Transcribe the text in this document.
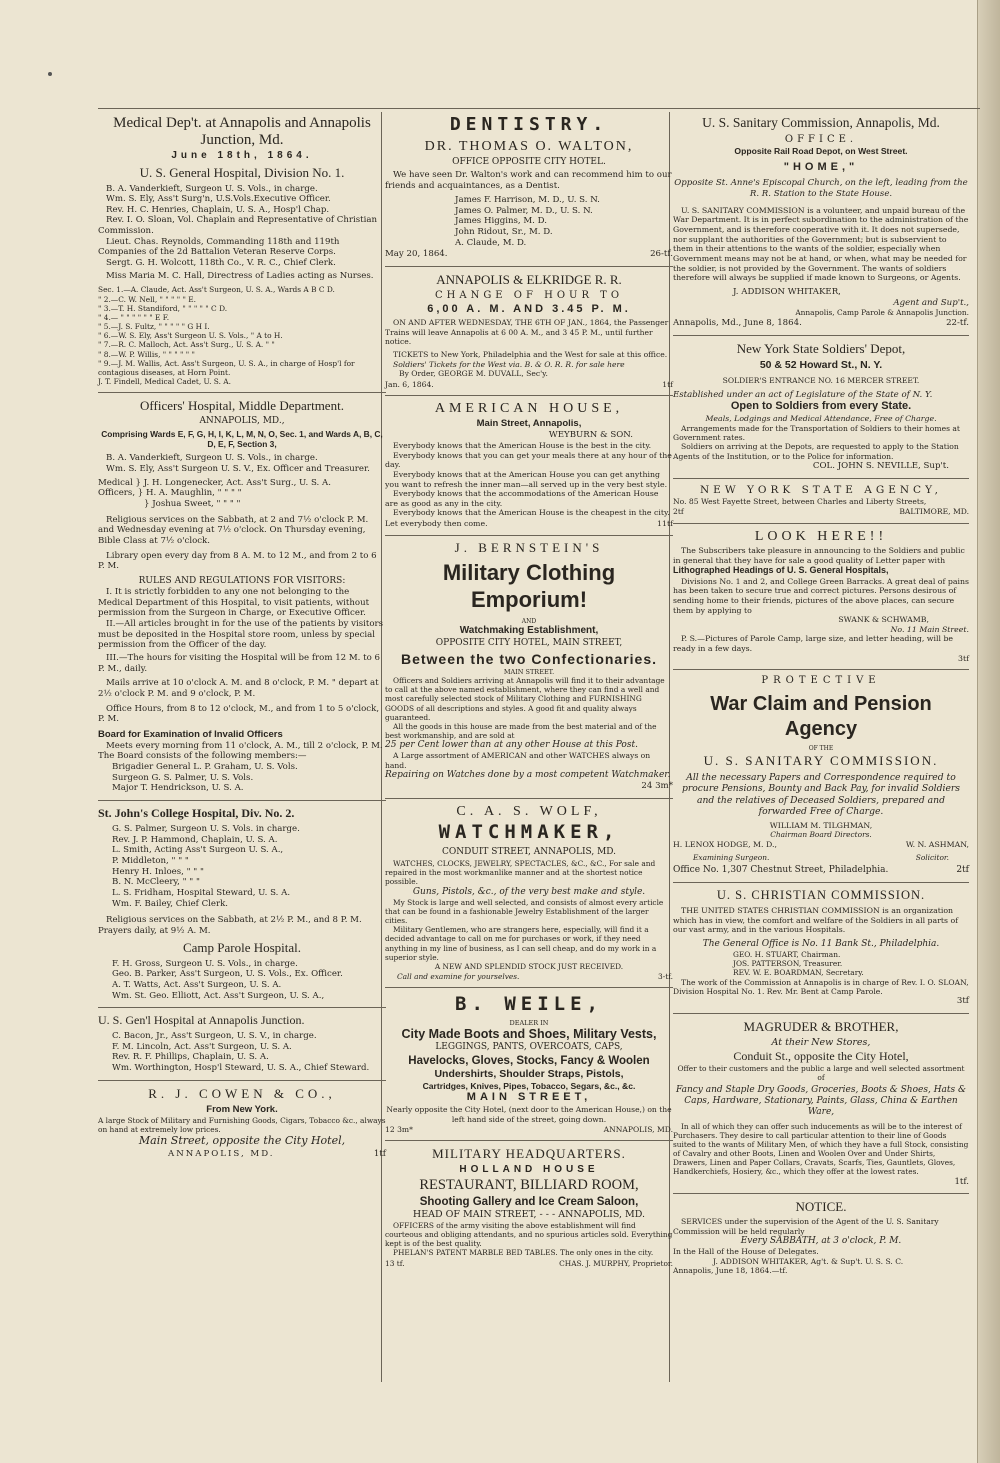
Medical Dep't. at Annapolis and Annapolis Junction, Md.
June 18th, 1864.
U. S. General Hospital, Division No. 1.

B. A. Vanderkieft, Surgeon U. S. Vols., in charge.

Wm. S. Ely, Ass't Surg'n, U.S.Vols.Executive Officer.

Rev. H. C. Henries, Chaplain, U. S. A., Hosp'l Chap.

Rev. I. O. Sloan, Vol. Chaplain and Representative of Christian Commission.

Lieut. Chas. Reynolds, Commanding 118th and 119th Companies of the 2d Battalion Veteran Reserve Corps.

Sergt. G. H. Wolcott, 118th Co., V. R. C., Chief Clerk.

Miss Maria M. C. Hall, Directress of Ladies acting as Nurses.

Sec. 1.—A. Claude, Act. Ass't Surgeon, U. S. A., Wards A B C D.
" 2.—C. W. Nell, " " " " " E.
" 3.—T. H. Standiford, " " " " " C D.
" 4.— " " " " " " E F.
" 5.—J. S. Fultz, " " " " " G H I.
" 6.—W. S. Ely, Ass't Surgeon U. S. Vols., " A to H.
" 7.—R. C. Malloch, Act. Ass't Surg., U. S. A. " "
" 8.—W. P. Willis, " " " " " "
" 9.—J. M. Wallis, Act. Ass't Surgeon, U. S. A., in charge of Hosp'l for contagious diseases, at Horn Point.
J. T. Findell, Medical Cadet, U. S. A.
Officers' Hospital, Middle Department.
ANNAPOLIS, MD.,
Comprising Wards E, F, G, H, I, K, L, M, N, O, Sec. 1, and Wards A, B, C, D, E, F, Section 3,

B. A. Vanderkieft, Surgeon U. S. Vols., in charge.

Wm. S. Ely, Ass't Surgeon U. S. V., Ex. Officer and Treasurer.

Medical } J. H. Longenecker, Act. Ass't Surg., U. S. A.
Officers, } H. A. Maughlin, " " " "
} Joshua Sweet, " " " "

Religious services on the Sabbath, at 2 and 7½ o'clock P. M. and Wednesday evening at 7½ o'clock. On Thursday evening, Bible Class at 7½ o'clock.

Library open every day from 8 A. M. to 12 M., and from 2 to 6 P. M.

RULES AND REGULATIONS FOR VISITORS:

I. It is strictly forbidden to any one not belonging to the Medical Department of this Hospital, to visit patients, without permission from the Surgeon in Charge, or Executive Officer.

II.—All articles brought in for the use of the patients by visitors must be deposited in the Hospital store room, unless by special permission from the Officer of the day.

III.—The hours for visiting the Hospital will be from 12 M. to 6 P. M., daily.

Mails arrive at 10 o'clock A. M. and 8 o'clock, P. M. " depart at 2½ o'clock P. M. and 9 o'clock, P. M.

Office Hours, from 8 to 12 o'clock, M., and from 1 to 5 o'clock, P. M.

Board for Examination of Invalid Officers

Meets every morning from 11 o'clock, A. M., till 2 o'clock, P. M. The Board consists of the following members:—

Brigadier General L. P. Graham, U. S. Vols.
Surgeon G. S. Palmer, U. S. Vols.
Major T. Hendrickson, U. S. A.
St. John's College Hospital, Div. No. 2.
G. S. Palmer, Surgeon U. S. Vols. in charge.
Rev. J. P. Hammond, Chaplain, U. S. A.
L. Smith, Acting Ass't Surgeon U. S. A.,
P. Middleton, " " "
Henry H. Inloes, " " "
B. N. McCleery, " " "
L. S. Fridham, Hospital Steward, U. S. A.
Wm. F. Bailey, Chief Clerk.

Religious services on the Sabbath, at 2½ P. M., and 8 P. M. Prayers daily, at 9½ A. M.

Camp Parole Hospital.
F. H. Gross, Surgeon U. S. Vols., in charge.
Geo. B. Parker, Ass't Surgeon, U. S. Vols., Ex. Officer.
A. T. Watts, Act. Ass't Surgeon, U. S. A.
Wm. St. Geo. Elliott, Act. Ass't Surgeon, U. S. A.,
U. S. Gen'l Hospital at Annapolis Junction.
C. Bacon, Jr., Ass't Surgeon, U. S. V., in charge.
F. M. Lincoln, Act. Ass't Surgeon, U. S. A.
Rev. R. F. Phillips, Chaplain, U. S. A.
Wm. Worthington, Hosp'l Steward, U. S. A., Chief Steward.
R. J. COWEN & CO.,
From New York.
A large Stock of Military and Furnishing Goods, Cigars, Tobacco &c., always on hand at extremely low prices.
Main Street, opposite the City Hotel,
ANNAPOLIS, MD.	1tf
DENTISTRY.
DR. THOMAS O. WALTON,
OFFICE OPPOSITE CITY HOTEL.

We have seen Dr. Walton's work and can recommend him to our friends and acquaintances, as a Dentist.

James F. Harrison, M. D., U. S. N.
James O. Palmer, M. D., U. S. N.
James Higgins, M. D.
John Ridout, Sr., M. D.
A. Claude, M. D.
May 20, 1864.	26-tf.
ANNAPOLIS & ELKRIDGE R. R.
CHANGE OF HOUR TO
6,00 A. M. AND 3.45 P. M.

ON AND AFTER WEDNESDAY, THE 6TH OF JAN., 1864, the Passenger Trains will leave Annapolis at 6 00 A. M., and 3 45 P. M., until further notice.

TICKETS to New York, Philadelphia and the West for sale at this office.

Soldiers' Tickets for the West via. B. & O. R. R. for sale here

By Order, GEORGE M. DUVALL, Sec'y.
Jan. 6, 1864.	1tf
AMERICAN HOUSE,
Main Street, Annapolis,
WEYBURN & SON.

Everybody knows that the American House is the best in the city.

Everybody knows that you can get your meals there at any hour of the day.

Everybody knows that at the American House you can get anything you want to refresh the inner man—all served up in the very best style.

Everybody knows that the accommodations of the American House are as good as any in the city.

Everybody knows that the American House is the cheapest in the city.

Let everybody then come.	11tf
J. BERNSTEIN'S
Military Clothing Emporium!
AND
Watchmaking Establishment,
OPPOSITE CITY HOTEL, MAIN STREET,
Between the two Confectionaries.
MAIN STREET.

Officers and Soldiers arriving at Annapolis will find it to their advantage to call at the above named establishment, where they can find a well and most carefully selected stock of Military Clothing and FURNISHING GOODS of all descriptions and styles. A good fit and quality always guaranteed.

All the goods in this house are made from the best material and of the best workmanship, and are sold at

25 per Cent lower than at any other House at this Post.

A Large assortment of AMERICAN and other WATCHES always on hand.

Repairing on Watches done by a most competent Watchmaker.
24 3m*
C. A. S. WOLF,
WATCHMAKER,
CONDUIT STREET, ANNAPOLIS, MD.

WATCHES, CLOCKS, JEWELRY, SPECTACLES, &C., &C., For sale and repaired in the most workmanlike manner and at the shortest notice possible.

Guns, Pistols, &c., of the very best make and style.

My Stock is large and well selected, and consists of almost every article that can be found in a fashionable Jewelry Establishment of the larger cities.

Military Gentlemen, who are strangers here, especially, will find it a decided advantage to call on me for purchases or work, if they need anything in my line of business, as I can sell cheap, and do my work in a superior style.

A NEW AND SPLENDID STOCK JUST RECEIVED.
Call and examine for yourselves.	3-tf.
B. WEILE,
DEALER IN
City Made Boots and Shoes, Military Vests,
LEGGINGS, PANTS, OVERCOATS, CAPS,
Havelocks, Gloves, Stocks, Fancy & Woolen
Undershirts, Shoulder Straps, Pistols,
Cartridges, Knives, Pipes, Tobacco, Segars, &c., &c.
MAIN STREET,
Nearly opposite the City Hotel, (next door to the American House,) on the left hand side of the street, going down.
12 3m*	ANNAPOLIS, MD.
MILITARY HEADQUARTERS.
HOLLAND HOUSE
RESTAURANT, BILLIARD ROOM,
Shooting Gallery and Ice Cream Saloon,
HEAD OF MAIN STREET, - - - ANNAPOLIS, MD.

OFFICERS of the army visiting the above establishment will find courteous and obliging attendants, and no spurious articles sold. Everything kept is of the best quality.

PHELAN'S PATENT MARBLE BED TABLES. The only ones in the city.

13 tf.	CHAS. J. MURPHY, Proprietor.
U. S. Sanitary Commission, Annapolis, Md.
OFFICE.
Opposite Rail Road Depot, on West Street.
"HOME,"
Opposite St. Anne's Episcopal Church, on the left, leading from the R. R. Station to the State House.

U. S. SANITARY COMMISSION is a volunteer, and unpaid bureau of the War Department. It is in perfect subordination to the administration of the Government, and is therefore cooperative with it. It does not supersede, nor supplant the authorities of the Government; but is subservient to them in their attentions to the wants of the soldier, especially when Government means may not be at hand, or when, what may be needed for the soldier, is not provided by the Government. The wants of soldiers therefore will always be supplied if made known to Surgeons, or Agents.

J. ADDISON WHITAKER,
Agent and Sup't.,
Annapolis, Camp Parole & Annapolis Junction.
Annapolis, Md., June 8, 1864.	22-tf.
New York State Soldiers' Depot,
50 & 52 Howard St., N. Y.
SOLDIER'S ENTRANCE NO. 16 MERCER STREET.
Established under an act of Legislature of the State of N. Y.
Open to Soldiers from every State.
Meals, Lodgings and Medical Attendance, Free of Charge.

Arrangements made for the Transportation of Soldiers to their homes at Government rates.

Soldiers on arriving at the Depots, are requested to apply to the Station Agents of the Institution, or to the Police for information.

COL. JOHN S. NEVILLE, Sup't.
NEW YORK STATE AGENCY,
No. 85 West Fayette Street, between Charles and Liberty Streets,
2tf	BALTIMORE, MD.
LOOK HERE!!

The Subscribers take pleasure in announcing to the Soldiers and public in general that they have for sale a good quality of Letter paper with

Lithographed Headings of U. S. General Hospitals,

Divisions No. 1 and 2, and College Green Barracks. A great deal of pains has been taken to secure true and correct pictures. Persons desirous of sending home to their friends, pictures of the above places, can secure them by applying to

SWANK & SCHWAMB,
No. 11 Main Street.

P. S.—Pictures of Parole Camp, large size, and letter heading, will be ready in a few days.

3tf
PROTECTIVE
War Claim and Pension Agency
OF THE
U. S. SANITARY COMMISSION.
All the necessary Papers and Correspondence required to procure Pensions, Bounty and Back Pay, for invalid Soldiers and the relatives of Deceased Soldiers, prepared and forwarded Free of Charge.
WILLIAM M. TILGHMAN,
Chairman Board Directors.
H. LENOX HODGE, M. D.,	W. N. ASHMAN,
Examining Surgeon.	Solicitor.
Office No. 1,307 Chestnut Street, Philadelphia.	2tf
U. S. CHRISTIAN COMMISSION.

THE UNITED STATES CHRISTIAN COMMISSION is an organization which has in view, the comfort and welfare of the Soldiers in all parts of our vast army, and in the various Hospitals.

The General Office is No. 11 Bank St., Philadelphia.
GEO. H. STUART, Chairman.
JOS. PATTERSON, Treasurer.
REV. W. E. BOARDMAN, Secretary.

The work of the Commission at Annapolis is in charge of Rev. I. O. SLOAN, Division Hospital No. 1. Rev. Mr. Bent at Camp Parole.

3tf
MAGRUDER & BROTHER,
At their New Stores,
Conduit St., opposite the City Hotel,
Offer to their customers and the public a large and well selected assortment of
Fancy and Staple Dry Goods, Groceries, Boots & Shoes, Hats & Caps, Hardware, Stationary, Paints, Glass, China & Earthen Ware,

In all of which they can offer such inducements as will be to the interest of Purchasers. They desire to call particular attention to their line of Goods suited to the wants of Military Men, of which they have a full Stock, consisting of Cavalry and other Boots, Linen and Woolen Over and Under Shirts, Drawers, Linen and Paper Collars, Cravats, Scarfs, Ties, Gauntlets, Gloves, Handkerchiefs, Hosiery, &c., which they offer at the lowest rates.

1tf.
NOTICE.

SERVICES under the supervision of the Agent of the U. S. Sanitary Commission will be held regularly

Every SABBATH, at 3 o'clock, P. M.
In the Hall of the House of Delegates.
J. ADDISON WHITAKER, Ag't. & Sup't. U. S. S. C.
Annapolis, June 18, 1864.—tf.
